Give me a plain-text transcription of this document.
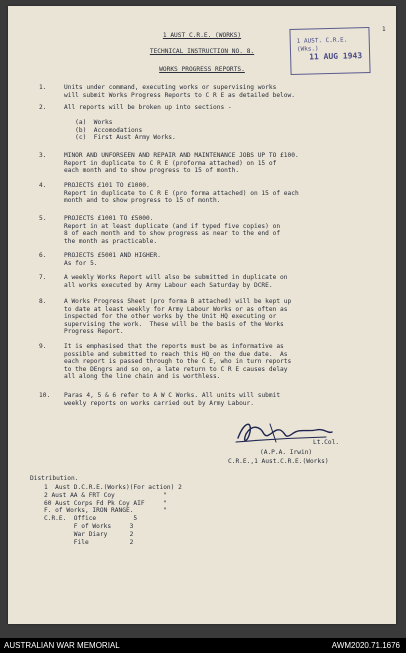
1 AUST. C.R.E. (Wks.)
11 AUG 1943
1
1 AUST C.R.E. (WORKS)
TECHNICAL INSTRUCTION NO. 8.
WORKS PROGRESS REPORTS.
1.	Units under command, executing works or supervising works
will submit Works Progress Reports to C R E as detailed below.
2.	All reports will be broken up into sections -
(a)  Works
(b)  Accomodations
(c)  First Aust Army Works.
3.	MINOR AND UNFORSEEN AND REPAIR AND MAINTENANCE JOBS UP TO £100.
Report in duplicate to C R E (proforma attached) on 15 of
each month and to show progress to 15 of month.
4.	PROJECTS £101 TO £1000.
Report in duplicate to C R E (pro forma attached) on 15 of each
month and to show progress to 15 of month.
5.	PROJECTS £1001 TO £5000.
Report in at least duplicate (and if typed five copies) on
8 of each month and to show progress as near to the end of
the month as practicable.
6.	PROJECTS £5001 AND HIGHER.
As for 5.
7.	A weekly Works Report will also be submitted in duplicate on
all works executed by Army Labour each Saturday by DCRE.
8.	A Works Progress Sheet (pro forma B attached) will be kept up
to date at least weekly for Army Labour Works or as often as
inspected for the other works by the Unit HQ executing or
supervising the work.  These will be the basis of the Works
Progress Report.
9.	It is emphasised that the reports must be as informative as
possible and submitted to reach this HQ on the due date.  As
each report is passed through to the C E, who in turn reports
to the DEngrs and so on, a late return to C R E causes delay
all along the line chain and is worthless.
10. Paras 4, 5 & 6 refer to A W C Works. All units will submit
weekly reports on works carried out by Army Labour.
Lt.Col.
(A.P.A. Irwin)
C.R.E.,1 Aust.C.R.E.(Works)
Distribution.
1  Aust D.C.R.E.(Works)(For action) 2
2 Aust AA & FRT Coy             "
60 Aust Corps Fd Pk Coy AIF     "
F. of Works, IRON RANGE.        "
C.R.E.  Office          5
F of Works     3
War Diary      2
File           2
AUSTRALIAN WAR MEMORIAL	AWM2020.71.1676
